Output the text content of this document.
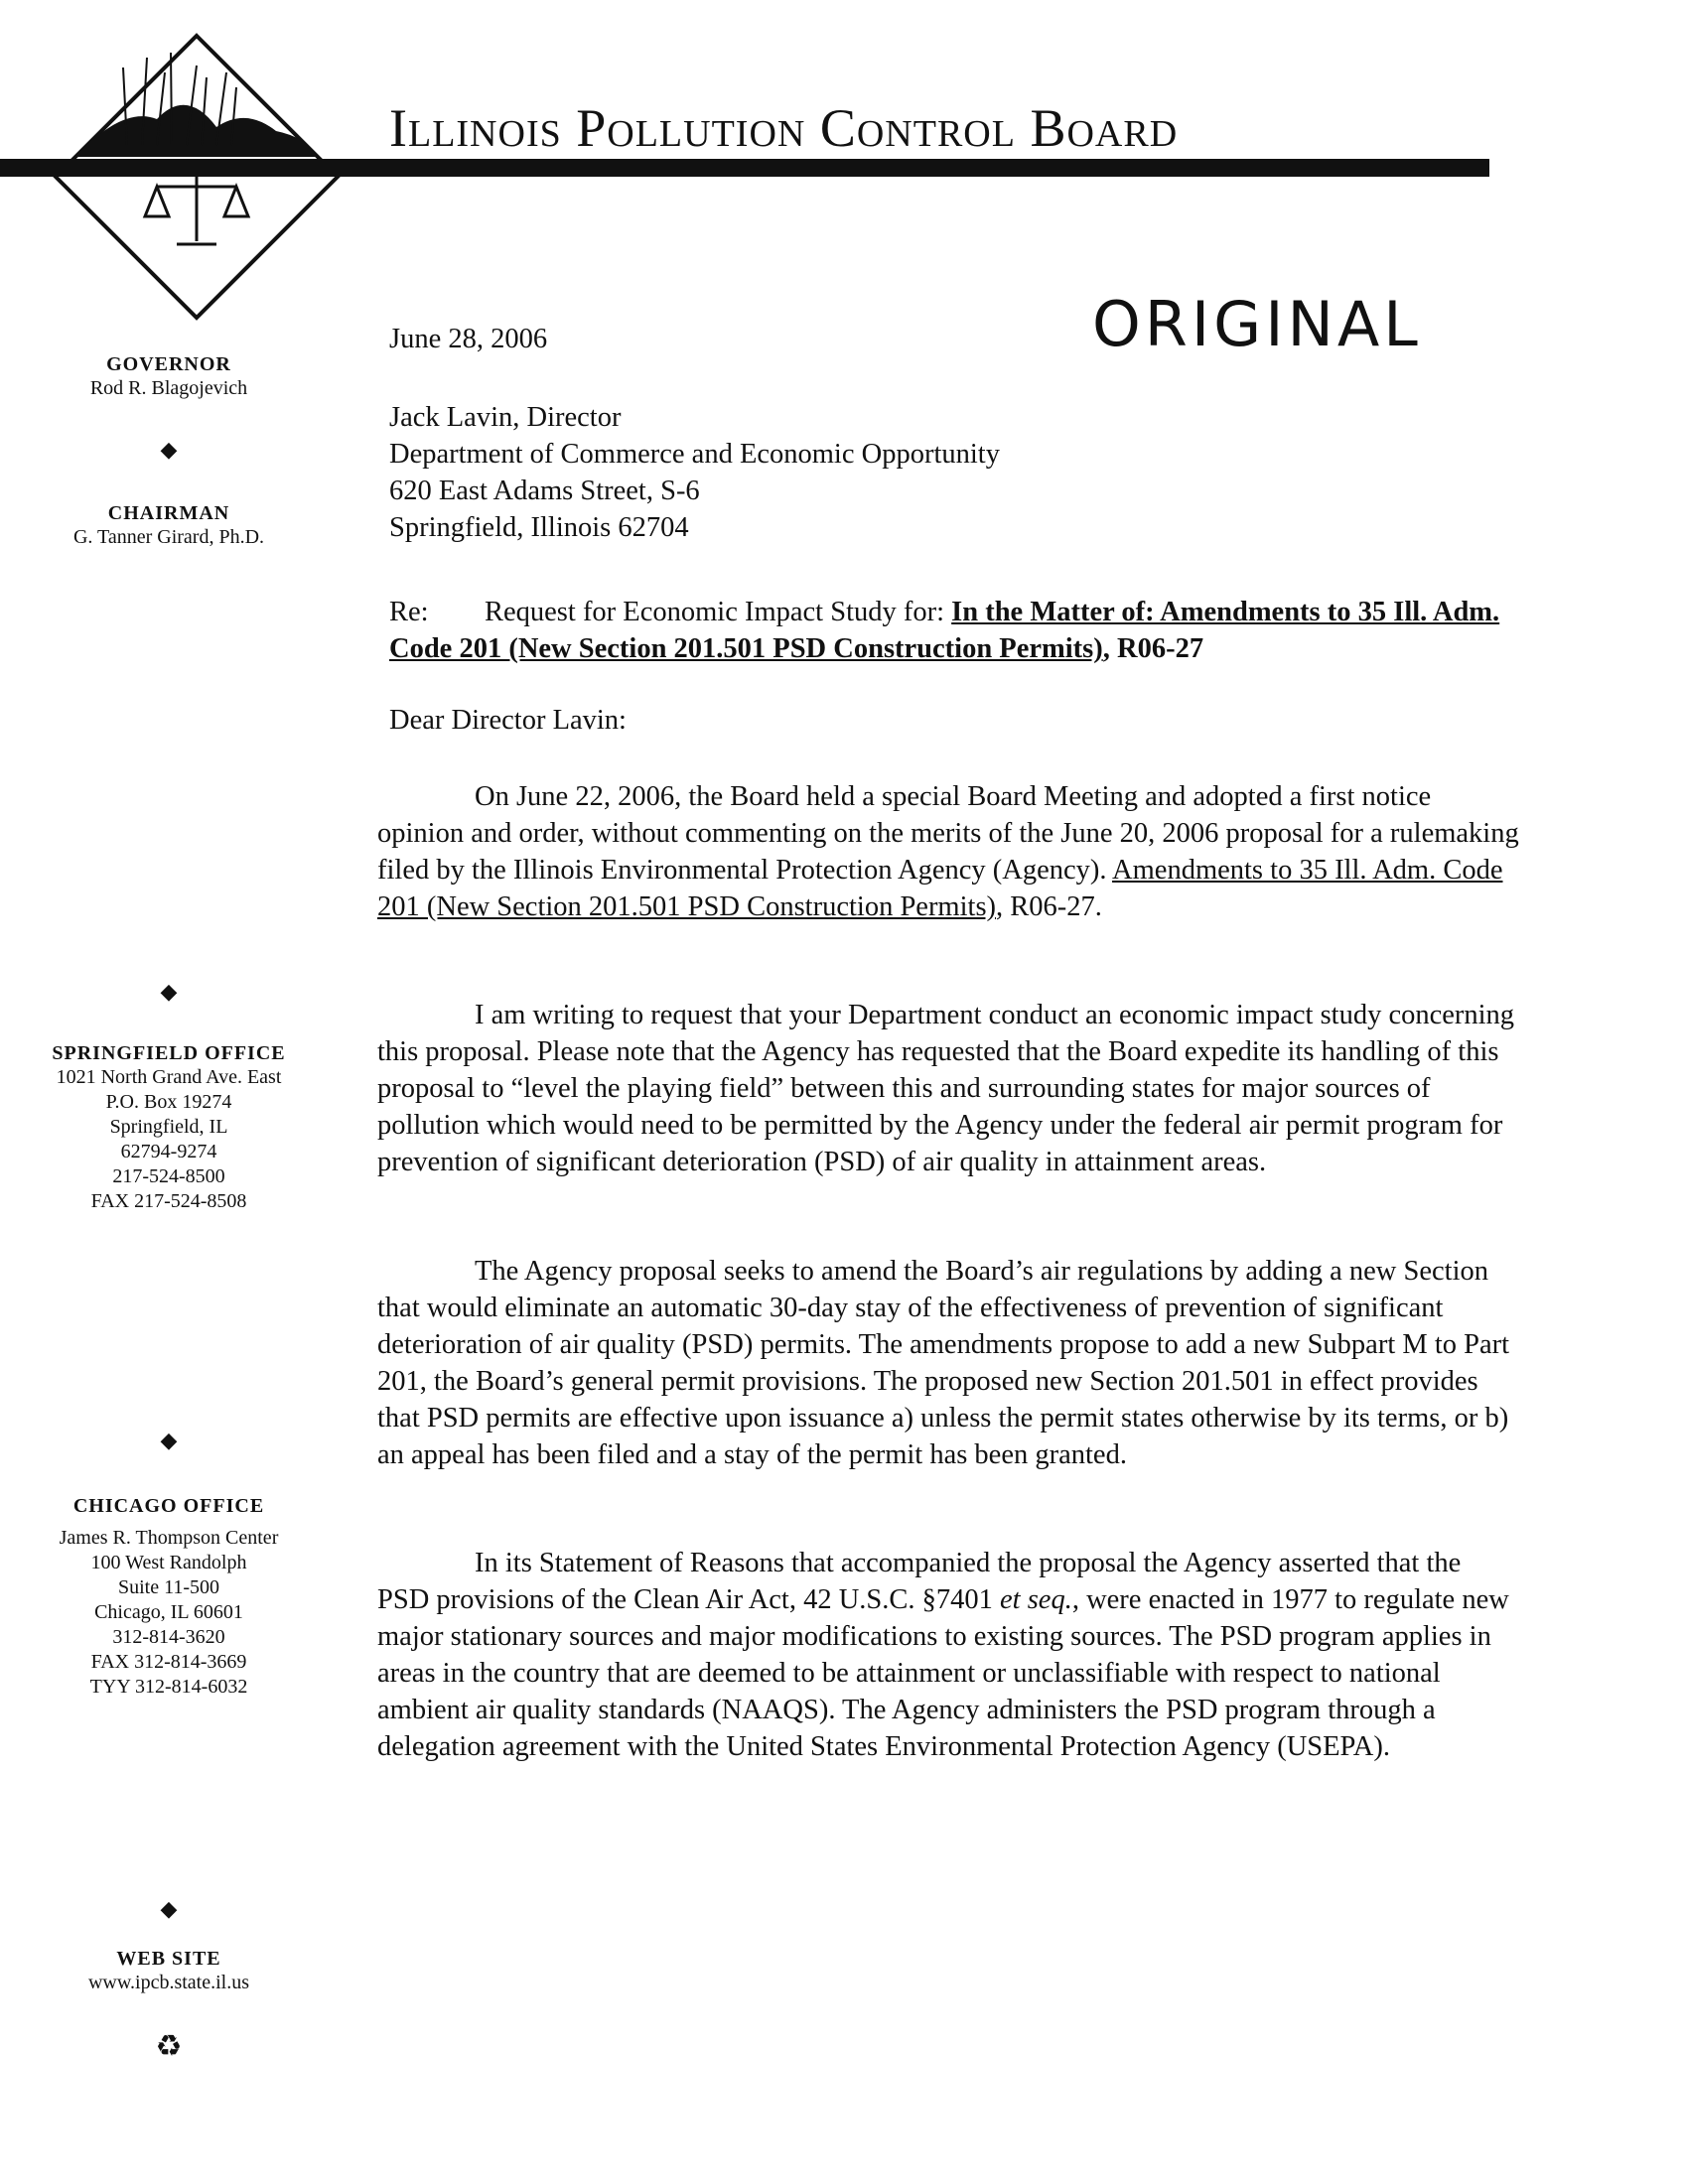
Illinois Pollution Control Board
GOVERNOR
Rod R. Blagojevich
◆
CHAIRMAN
G. Tanner Girard, Ph.D.
◆
SPRINGFIELD OFFICE
1021 North Grand Ave. East
P.O. Box 19274
Springfield, IL
62794-9274
217-524-8500
FAX 217-524-8508
◆
CHICAGO OFFICE
James R. Thompson Center
100 West Randolph
Suite 11-500
Chicago, IL 60601
312-814-3620
FAX 312-814-3669
TYY 312-814-6032
◆
WEB SITE
www.ipcb.state.il.us
♻
ORIGINAL
June 28, 2006
Jack Lavin, Director
Department of Commerce and Economic Opportunity
620 East Adams Street, S-6
Springfield, Illinois 62704
Re: Request for Economic Impact Study for: In the Matter of: Amendments to 35 Ill. Adm. Code 201 (New Section 201.501 PSD Construction Permits), R06-27
Dear Director Lavin:
On June 22, 2006, the Board held a special Board Meeting and adopted a first notice opinion and order, without commenting on the merits of the June 20, 2006 proposal for a rulemaking filed by the Illinois Environmental Protection Agency (Agency). Amendments to 35 Ill. Adm. Code 201 (New Section 201.501 PSD Construction Permits), R06-27.
I am writing to request that your Department conduct an economic impact study concerning this proposal. Please note that the Agency has requested that the Board expedite its handling of this proposal to “level the playing field” between this and surrounding states for major sources of pollution which would need to be permitted by the Agency under the federal air permit program for prevention of significant deterioration (PSD) of air quality in attainment areas.
The Agency proposal seeks to amend the Board’s air regulations by adding a new Section that would eliminate an automatic 30-day stay of the effectiveness of prevention of significant deterioration of air quality (PSD) permits. The amendments propose to add a new Subpart M to Part 201, the Board’s general permit provisions. The proposed new Section 201.501 in effect provides that PSD permits are effective upon issuance a) unless the permit states otherwise by its terms, or b) an appeal has been filed and a stay of the permit has been granted.
In its Statement of Reasons that accompanied the proposal the Agency asserted that the PSD provisions of the Clean Air Act, 42 U.S.C. §7401 et seq., were enacted in 1977 to regulate new major stationary sources and major modifications to existing sources. The PSD program applies in areas in the country that are deemed to be attainment or unclassifiable with respect to national ambient air quality standards (NAAQS). The Agency administers the PSD program through a delegation agreement with the United States Environmental Protection Agency (USEPA).
